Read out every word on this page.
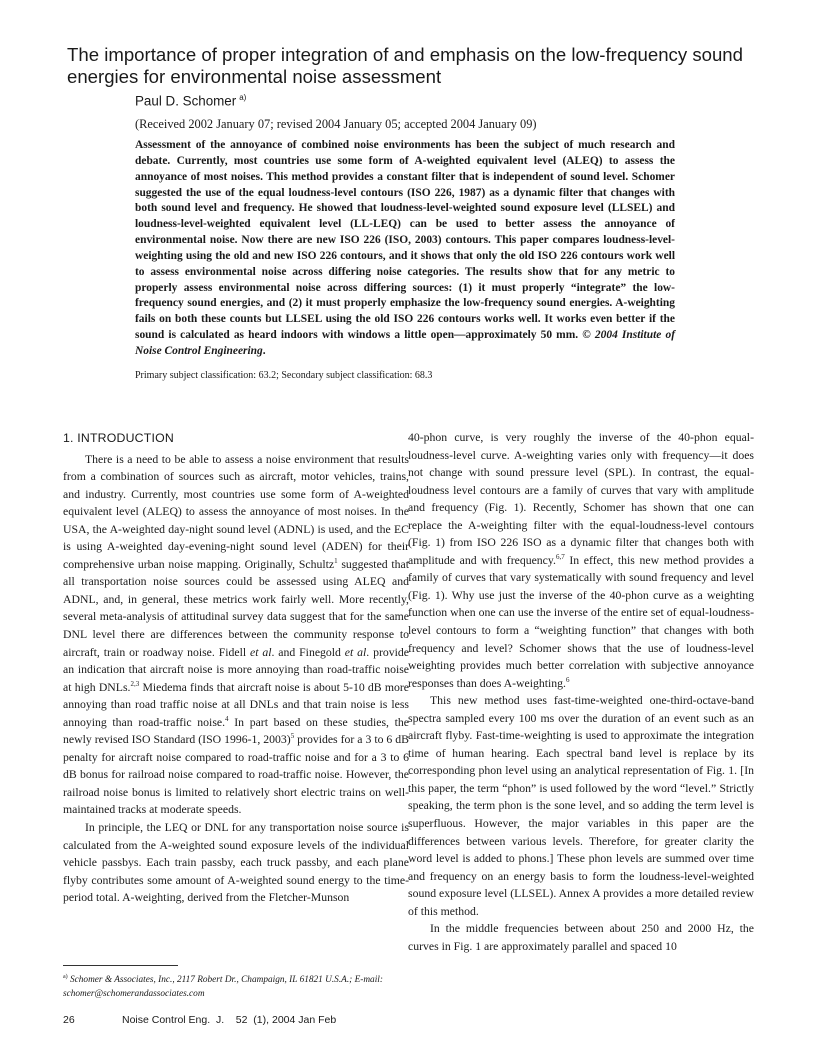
The importance of proper integration of and emphasis on the low-frequency sound energies for environmental noise assessment
Paul D. Schomer $^{a)}$
(Received 2002 January 07; revised 2004 January 05; accepted 2004 January 09)
Assessment of the annoyance of combined noise environments has been the subject of much research and debate. Currently, most countries use some form of A-weighted equivalent level (ALEQ) to assess the annoyance of most noises. This method provides a constant filter that is independent of sound level. Schomer suggested the use of the equal loudness-level contours (ISO 226, 1987) as a dynamic filter that changes with both sound level and frequency. He showed that loudness-level-weighted sound exposure level (LLSEL) and loudness-level-weighted equivalent level (LL-LEQ) can be used to better assess the annoyance of environmental noise. Now there are new ISO 226 (ISO, 2003) contours. This paper compares loudness-level-weighting using the old and new ISO 226 contours, and it shows that only the old ISO 226 contours work well to assess environmental noise across differing noise categories. The results show that for any metric to properly assess environmental noise across differing sources: (1) it must properly “integrate” the low-frequency sound energies, and (2) it must properly emphasize the low-frequency sound energies. A-weighting fails on both these counts but LLSEL using the old ISO 226 contours works well. It works even better if the sound is calculated as heard indoors with windows a little open—approximately 50 mm. © 2004 Institute of Noise Control Engineering.
Primary subject classification: 63.2; Secondary subject classification: 68.3
1. INTRODUCTION

There is a need to be able to assess a noise environment that results from a combination of sources such as aircraft, motor vehicles, trains, and industry. Currently, most countries use some form of A-weighted equivalent level (ALEQ) to assess the annoyance of most noises. In the USA, the A-weighted day-night sound level (ADNL) is used, and the EC is using A-weighted day-evening-night sound level (ADEN) for their comprehensive urban noise mapping. Originally, Schultz$^1$ suggested that all transportation noise sources could be assessed using ALEQ and ADNL, and, in general, these metrics work fairly well. More recently, several meta-analysis of attitudinal survey data suggest that for the same DNL level there are differences between the community response to aircraft, train or roadway noise. Fidell et al. and Finegold et al. provide an indication that aircraft noise is more annoying than road-traffic noise at high DNLs.$^{2,3}$ Miedema finds that aircraft noise is about 5-10 dB more annoying than road traffic noise at all DNLs and that train noise is less annoying than road-traffic noise.$^4$ In part based on these studies, the newly revised ISO Standard (ISO 1996-1, 2003)$^5$ provides for a 3 to 6 dB penalty for aircraft noise compared to road-traffic noise and for a 3 to 6 dB bonus for railroad noise compared to road-traffic noise. However, the railroad noise bonus is limited to relatively short electric trains on well-maintained tracks at moderate speeds.

In principle, the LEQ or DNL for any transportation noise source is calculated from the A-weighted sound exposure levels of the individual vehicle passbys. Each train passby, each truck passby, and each plane flyby contributes some amount of A-weighted sound energy to the time-period total. A-weighting, derived from the Fletcher-Munson

40-phon curve, is very roughly the inverse of the 40-phon equal-loudness-level curve. A-weighting varies only with frequency—it does not change with sound pressure level (SPL). In contrast, the equal-loudness level contours are a family of curves that vary with amplitude and frequency (Fig. 1). Recently, Schomer has shown that one can replace the A-weighting filter with the equal-loudness-level contours (Fig. 1) from ISO 226 ISO as a dynamic filter that changes both with amplitude and with frequency.$^{6,7}$ In effect, this new method provides a family of curves that vary systematically with sound frequency and level (Fig. 1). Why use just the inverse of the 40-phon curve as a weighting function when one can use the inverse of the entire set of equal-loudness-level contours to form a “weighting function” that changes with both frequency and level? Schomer shows that the use of loudness-level weighting provides much better correlation with subjective annoyance responses than does A-weighting.$^6$

This new method uses fast-time-weighted one-third-octave-band spectra sampled every 100 ms over the duration of an event such as an aircraft flyby. Fast-time-weighting is used to approximate the integration time of human hearing. Each spectral band level is replace by its corresponding phon level using an analytical representation of Fig. 1. [In this paper, the term “phon” is used followed by the word “level.” Strictly speaking, the term phon is the sone level, and so adding the term level is superfluous. However, the major variables in this paper are the differences between various levels. Therefore, for greater clarity the word level is added to phons.] These phon levels are summed over time and frequency on an energy basis to form the loudness-level-weighted sound exposure level (LLSEL). Annex A provides a more detailed review of this method.

In the middle frequencies between about 250 and 2000 Hz, the curves in Fig. 1 are approximately parallel and spaced 10

$^{a)}$ Schomer & Associates, Inc., 2117 Robert Dr., Champaign, IL 61821 U.S.A.; E-mail: schomer@schomerandassociates.com
26	Noise Control Eng.  J.    52  (1), 2004 Jan Feb
